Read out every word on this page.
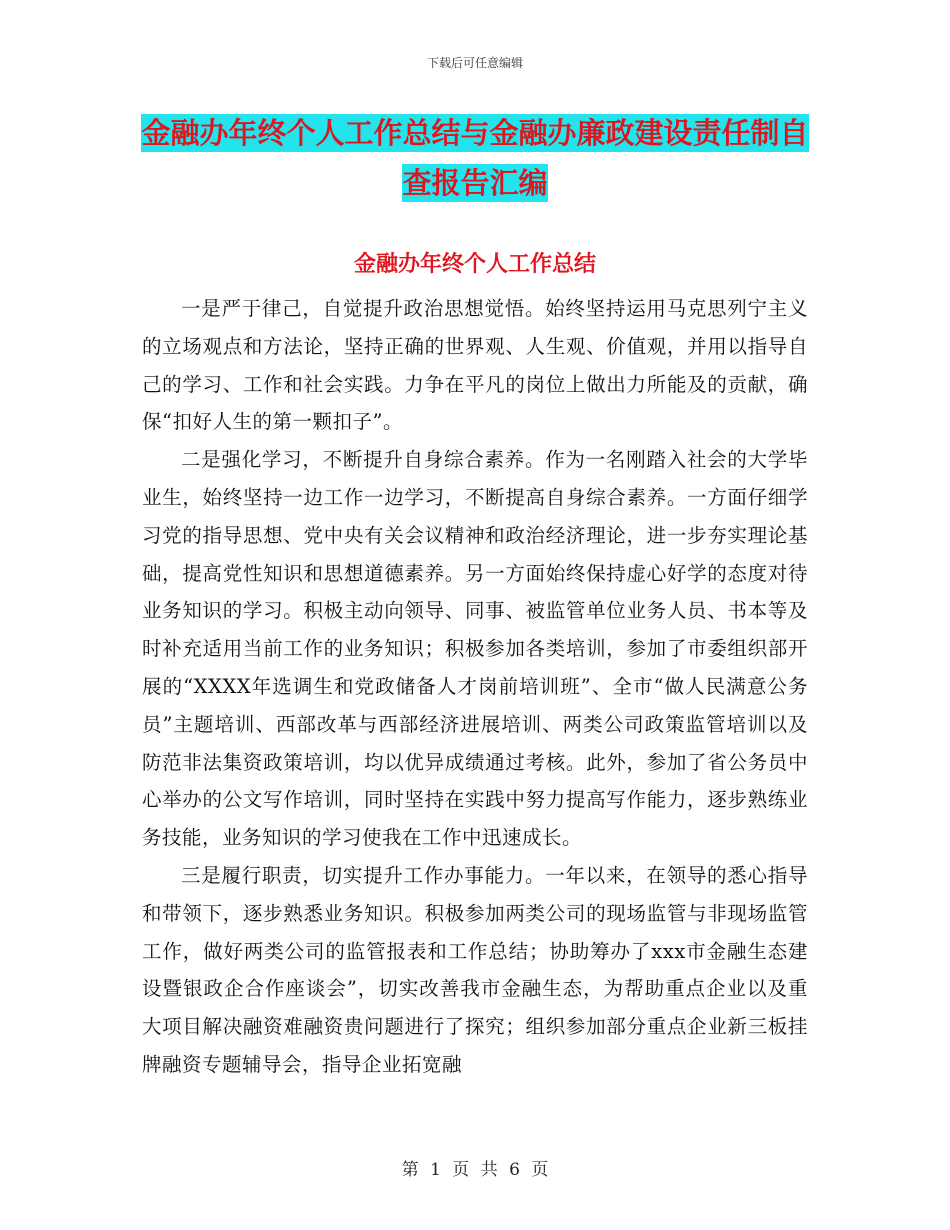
下载后可任意编辑
金融办年终个人工作总结与金融办廉政建设责任制自查报告汇编
金融办年终个人工作总结

一是严于律己，自觉提升政治思想觉悟。始终坚持运用马克思列宁主义的立场观点和方法论，坚持正确的世界观、人生观、价值观，并用以指导自己的学习、工作和社会实践。力争在平凡的岗位上做出力所能及的贡献，确保“扣好人生的第一颗扣子”。

二是强化学习，不断提升自身综合素养。作为一名刚踏入社会的大学毕业生，始终坚持一边工作一边学习，不断提高自身综合素养。一方面仔细学习党的指导思想、党中央有关会议精神和政治经济理论，进一步夯实理论基础，提高党性知识和思想道德素养。另一方面始终保持虚心好学的态度对待业务知识的学习。积极主动向领导、同事、被监管单位业务人员、书本等及时补充适用当前工作的业务知识；积极参加各类培训，参加了市委组织部开展的“XXXX年选调生和党政储备人才岗前培训班”、全市“做人民满意公务员”主题培训、西部改革与西部经济进展培训、两类公司政策监管培训以及防范非法集资政策培训，均以优异成绩通过考核。此外，参加了省公务员中心举办的公文写作培训，同时坚持在实践中努力提高写作能力，逐步熟练业务技能，业务知识的学习使我在工作中迅速成长。

三是履行职责，切实提升工作办事能力。一年以来，在领导的悉心指导和带领下，逐步熟悉业务知识。积极参加两类公司的现场监管与非现场监管工作，做好两类公司的监管报表和工作总结；协助筹办了xxx市金融生态建设暨银政企合作座谈会”，切实改善我市金融生态，为帮助重点企业以及重大项目解决融资难融资贵问题进行了探究；组织参加部分重点企业新三板挂牌融资专题辅导会，指导企业拓宽融

第 1 页 共 6 页
